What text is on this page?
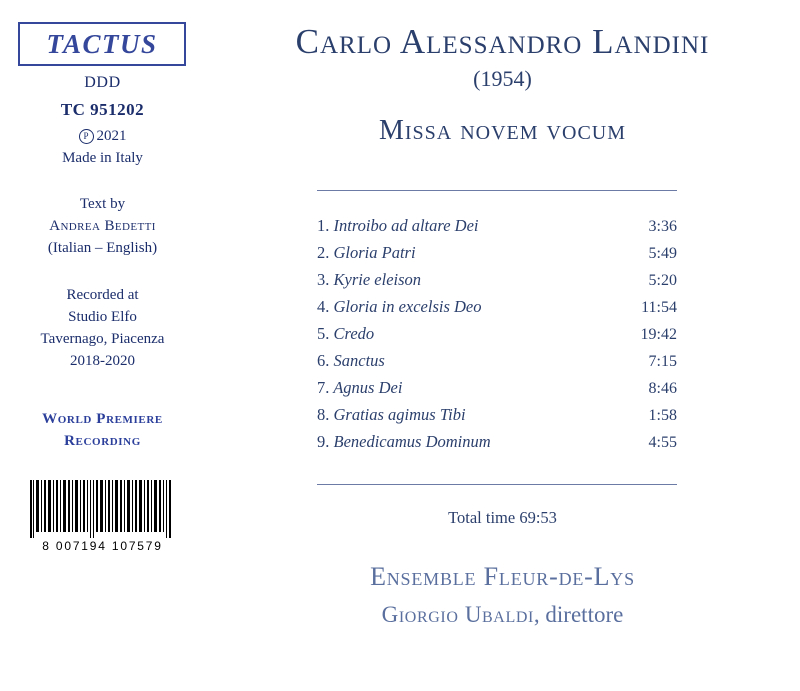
TACTUS
DDD
TC 951202
P 2021
Made in Italy
Text by
Andrea Bedetti
(Italian – English)
Recorded at
Studio Elfo
Tavernago, Piacenza
2018-2020
World Premiere
Recording
8 007194 107579
Carlo Alessandro Landini
(1954)
Missa novem vocum
1. Introibo ad altare Dei	3:36
2. Gloria Patri	5:49
3. Kyrie eleison	5:20
4. Gloria in excelsis Deo	11:54
5. Credo	19:42
6. Sanctus	7:15
7. Agnus Dei	8:46
8. Gratias agimus Tibi	1:58
9. Benedicamus Dominum	4:55
Total time 69:53
Ensemble Fleur-de-Lys
Giorgio Ubaldi, direttore
